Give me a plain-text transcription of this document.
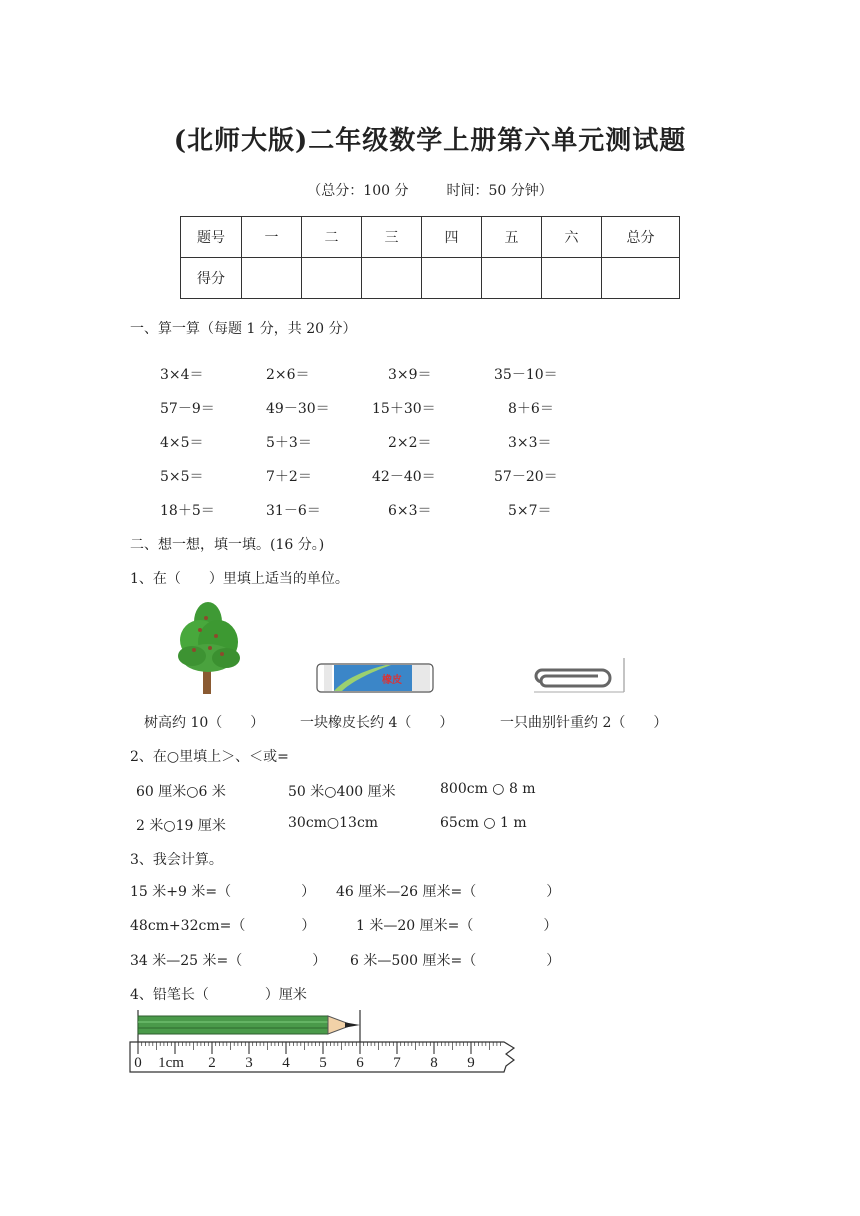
(北师大版)二年级数学上册第六单元测试题
（总分：100 分	时间：50 分钟）
题号	一	二	三	四	五	六	总分
得分							
一、算一算（每题 1 分，共 20 分）
3×4＝	2×6＝	3×9＝	35－10＝
57－9＝	49－30＝	15＋30＝	8＋6＝
4×5＝	5＋3＝	2×2＝	3×3＝
5×5＝	7＋2＝	42－40＝	57－20＝
18＋5＝	31－6＝	6×3＝	5×7＝
二、想一想，填一填。(16 分。)
1、在（　　）里填上适当的单位。
橡皮
树高约 10（　　）	一块橡皮长约 4（　　）	一只曲别针重约 2（　　）
2、在○里填上＞、＜或=
60 厘米○6 米	50 米○400 厘米	800cm ○ 8 m
2 米○19 厘米	30cm○13cm	65cm ○ 1 m
3、我会计算。
15 米+9 米=（　　　　　） 46 厘米—26 厘米=（　　　　　）
48cm+32cm=（　　　　）	1 米—20 厘米=（　　　　　）
34 米—25 米=（　　　　　） 6 米—500 厘米=（　　　　　）
4、铅笔长（　　　　）厘米
0 1cm 2 3 4 5 6 7 8 9
